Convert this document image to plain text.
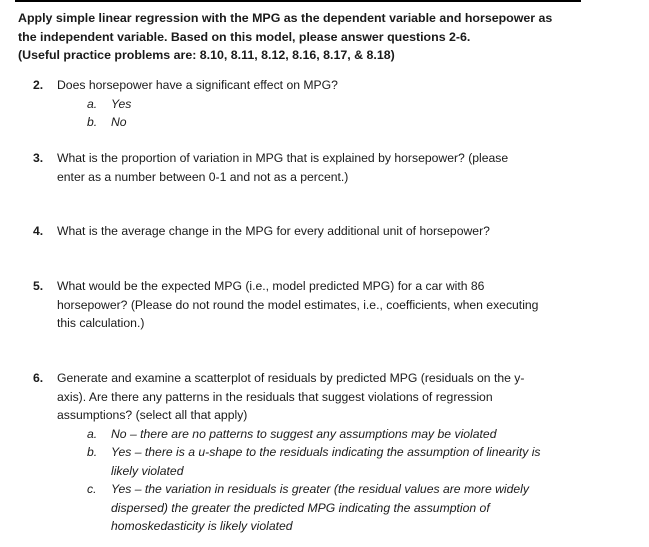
Apply simple linear regression with the MPG as the dependent variable and horsepower as
the independent variable. Based on this model, please answer questions 2-6.
(Useful practice problems are: 8.10, 8.11, 8.12, 8.16, 8.17, & 8.18)
2. Does horsepower have a significant effect on MPG?
a. Yes
b. No
3. What is the proportion of variation in MPG that is explained by horsepower? (please
enter as a number between 0-1 and not as a percent.)
4. What is the average change in the MPG for every additional unit of horsepower?
5. What would be the expected MPG (i.e., model predicted MPG) for a car with 86
horsepower? (Please do not round the model estimates, i.e., coefficients, when executing
this calculation.)
6. Generate and examine a scatterplot of residuals by predicted MPG (residuals on the y-
axis). Are there any patterns in the residuals that suggest violations of regression
assumptions? (select all that apply)
a. No – there are no patterns to suggest any assumptions may be violated
b. Yes – there is a u-shape to the residuals indicating the assumption of linearity is
likely violated
c. Yes – the variation in residuals is greater (the residual values are more widely
dispersed) the greater the predicted MPG indicating the assumption of
homoskedasticity is likely violated
